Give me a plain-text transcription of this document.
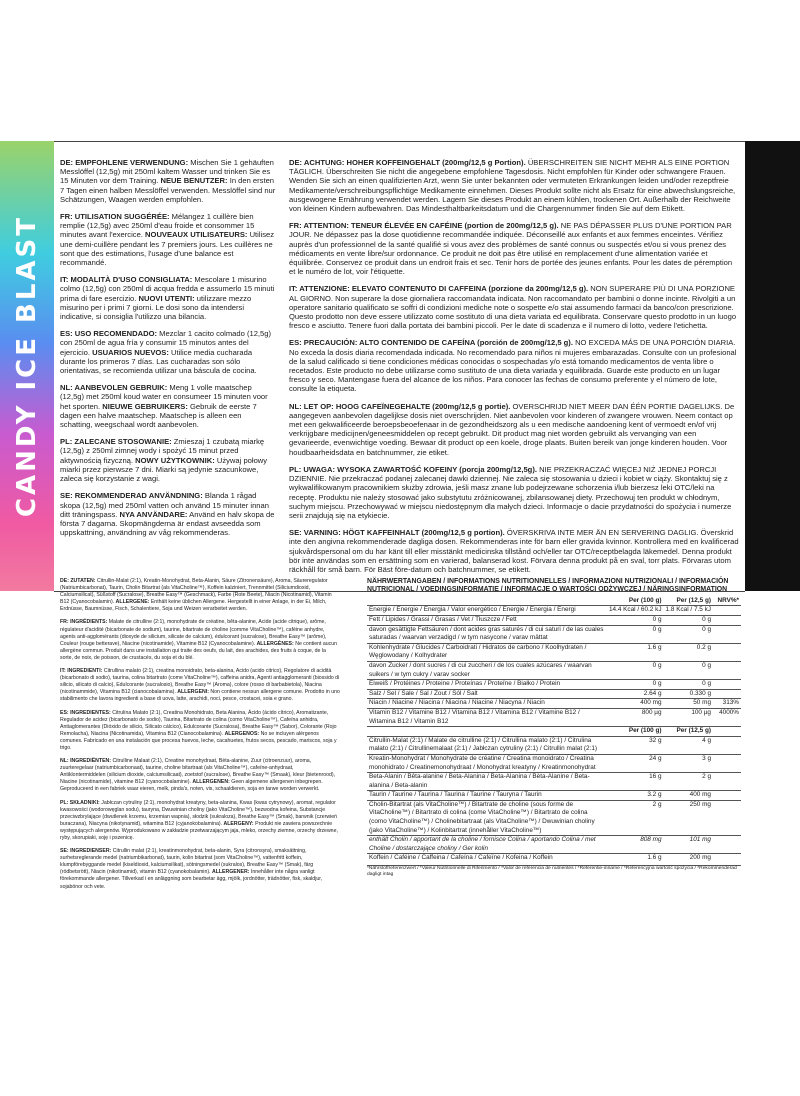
CANDY ICE BLAST

DE: EMPFOHLENE VERWENDUNG: Mischen Sie 1 gehäuften Messlöffel (12,5g) mit 250ml kaltem Wasser und trinken Sie es 15 Minuten vor dem Training. NEUE BENUTZER: In den ersten 7 Tagen einen halben Messlöffel verwenden. Messlöffel sind nur Schätzungen, Waagen werden empfohlen.

FR: UTILISATION SUGGÉRÉE: Mélangez 1 cuillère bien remplie (12,5g) avec 250ml d'eau froide et consommer 15 minutes avant l'exercice. NOUVEAUX UTILISATEURS: Utilisez une demi-cuillère pendant les 7 premiers jours. Les cuillères ne sont que des estimations, l'usage d'une balance est recommandé.

IT: MODALITÀ D'USO CONSIGLIATA: Mescolare 1 misurino colmo (12,5g) con 250ml di acqua fredda e assumerlo 15 minuti prima di fare esercizio. NUOVI UTENTI: utilizzare mezzo misurino per i primi 7 giorni. Le dosi sono da intendersi indicative, si consiglia l'utilizzo una bilancia.

ES: USO RECOMENDADO: Mezclar 1 cacito colmado (12,5g) con 250ml de agua fría y consumir 15 minutos antes del ejercicio. USUARIOS NUEVOS: Utilice media cucharada durante los primeros 7 días. Las cucharadas son sólo orientativas, se recomienda utilizar una báscula de cocina.

NL: AANBEVOLEN GEBRUIK: Meng 1 volle maatschep (12,5g) met 250ml koud water en consumeer 15 minuten voor het sporten. NIEUWE GEBRUIKERS: Gebruik de eerste 7 dagen een halve maatschep. Maatschep is alleen een schatting, weegschaal wordt aanbevolen.

PL: ZALECANE STOSOWANIE: Zmieszaj 1 czubatą miarkę (12,5g) z 250ml zimnej wody i spożyć 15 minut przed aktywnością fizyczną. NOWY UŻYTKOWNIK: Używaj połowy miarki przez pierwsze 7 dni. Miarki są jedynie szacunkowe, zaleca się korzystanie z wagi.

SE: REKOMMENDERAD ANVÄNDNING: Blanda 1 rågad skopa (12,5g) med 250ml vatten och använd 15 minuter innan ditt träningspass. NYA ANVÄNDARE: Använd en halv skopa de första 7 dagarna. Skopmängderna är endast avseedda som uppskattning, användning av våg rekommenderas.

DE: ACHTUNG: HOHER KOFFEINGEHALT (200mg/12,5 g Portion). ÜBERSCHREITEN SIE NICHT MEHR ALS EINE PORTION TÄGLICH. Überschreiten Sie nicht die angegebene empfohlene Tagesdosis. Nicht empfohlen für Kinder oder schwangere Frauen. Wenden Sie sich an einen qualifizierten Arzt, wenn Sie unter bekannten oder vermuteten Erkrankungen leiden und/oder rezeptfreie Medikamente/verschreibungspflichtige Medikamente einnehmen. Dieses Produkt sollte nicht als Ersatz für eine abwechslungsreiche, ausgewogene Ernährung verwendet werden. Lagern Sie dieses Produkt an einem kühlen, trockenen Ort. Außerhalb der Reichweite von kleinen Kindern aufbewahren. Das Mindesthaltbarkeitsdatum und die Chargennummer finden Sie auf dem Etikett.

FR: ATTENTION: TENEUR ÉLEVÉE EN CAFÉINE (portion de 200mg/12,5 g). NE PAS DÉPASSER PLUS D'UNE PORTION PAR JOUR. Ne dépassez pas la dose quotidienne recommandée indiquée. Déconseillé aux enfants et aux femmes enceintes. Vérifiez auprès d'un professionnel de la santé qualifié si vous avez des problèmes de santé connus ou suspectés et/ou si vous prenez des médicaments en vente libre/sur ordonnance. Ce produit ne doit pas être utilisé en remplacement d'une alimentation variée et équilibrée. Conservez ce produit dans un endroit frais et sec. Tenir hors de portée des jeunes enfants. Pour les dates de péremption et le numéro de lot, voir l'étiquette.

IT: ATTENZIONE: ELEVATO CONTENUTO DI CAFFEINA (porzione da 200mg/12,5 g). NON SUPERARE PIÙ DI UNA PORZIONE AL GIORNO. Non superare la dose giornaliera raccomandata indicata. Non raccomandato per bambini o donne incinte. Rivolgiti a un operatore sanitario qualificato se soffri di condizioni mediche note o sospette e/o stai assumendo farmaci da banco/con prescrizione. Questo prodotto non deve essere utilizzato come sostituto di una dieta variata ed equilibrata. Conservare questo prodotto in un luogo fresco e asciutto. Tenere fuori dalla portata dei bambini piccoli. Per le date di scadenza e il numero di lotto, vedere l'etichetta.

ES: PRECAUCIÓN: ALTO CONTENIDO DE CAFEÍNA (porción de 200mg/12,5 g). NO EXCEDA MÁS DE UNA PORCIÓN DIARIA. No exceda la dosis diaria recomendada indicada. No recomendado para niños ni mujeres embarazadas. Consulte con un profesional de la salud calificado si tiene condiciones médicas conocidas o sospechadas y/o está tomando medicamentos de venta libre o recetados. Este producto no debe utilizarse como sustituto de una dieta variada y equilibrada. Guarde este producto en un lugar fresco y seco. Mantengase fuera del alcance de los niños. Para conocer las fechas de consumo preferente y el número de lote, consulte la etiqueta.

NL: LET OP: HOOG CAFEÏNEGEHALTE (200mg/12,5 g portie). OVERSCHRIJD NIET MEER DAN ÉÉN PORTIE DAGELIJKS. De aangegeven aanbevolen dagelijkse dosis niet overschrijden. Niet aanbevolen voor kinderen of zwangere vrouwen. Neem contact op met een gekwalificeerde beroepsbeoefenaar in de gezondheidszorg als u een medische aandoening kent of vermoedt en/of vrij verkrijgbare medicijnen/geneesmiddelen op recept gebruikt. Dit product mag niet worden gebruikt als vervanging van een gevarieerde, evenwichtige voeding. Bewaar dit product op een koele, droge plaats. Buiten bereik van jonge kinderen houden. Voor houdbaarheidsdata en batchnummer, zie etiket.

PL: UWAGA: WYSOKA ZAWARTOŚĆ KOFEINY (porcja 200mg/12,5g). NIE PRZEKRACZAĆ WIĘCEJ NIŻ JEDNEJ PORCJI DZIENNIE. Nie przekraczać podanej zalecanej dawki dziennej. Nie zaleca się stosowania u dzieci i kobiet w ciąży. Skontaktuj się z wykwalifikowanym pracownikiem służby zdrowia, jeśli masz znane lub podejrzewane schorzenia i/lub bierzesz leki OTC/leki na receptę. Produktu nie należy stosować jako substytutu zróżnicowanej, zbilansowanej diety. Przechowuj ten produkt w chłodnym, suchym miejscu. Przechowywać w miejscu niedostępnym dla małych dzieci. Informacje o dacie przydatności do spożycia i numerze serii znajdują się na etykiecie.

SE: VARNING: HÖGT KAFFEINHALT (200mg/12,5 g portion). ÖVERSKRIVA INTE MER ÄN EN SERVERING DAGLIG. Överskrid inte den angivna rekommenderade dagliga dosen. Rekommenderas inte för barn eller gravida kvinnor. Kontrollera med en kvalificerad sjukvårdspersonal om du har känt till eller misstänkt medicinska tillstånd och/eller tar OTC/receptbelagda läkemedel. Denna produkt bör inte användas som en ersättning som en varierad, balanserad kost. Förvara denna produkt på en sval, torr plats. Förvaras utom räckhåll för små barn. För Bäst före-datum och batchnummer, se etikett.

DE: ZUTATEN: Citrullin-Malat (2:1), Kreatin-Monohydrat, Beta-Alanin, Säure (Zitronensäure), Aroma, Säureregulator (Natriumbicarbonat), Taurin, Cholin Bitartrat (als VitaCholine™), Koffein kalziniert, Trennmittel (Siliciumdioxid, Calciumsilicat), Süßstoff (Sucralose), Breathe Easy™ (Geschmack), Farbe (Rote Beete), Niacin (Nicotinamid), Vitamin B12 (Cyanocobalamin). ALLERGENE: Enthält keine üblichen Allergene. Hergestellt in einer Anlage, in der Ei, Milch, Erdnüsse, Baumnüsse, Fisch, Schalentiere, Soja und Weizen verarbeitet werden.

FR: INGRÉDIENTS: Malate de citrulline (2:1), monohydrate de créatine, bêta-alanine, Acide (acide citrique), arôme, régulateur d'acidité (bicarbonate de sodium), taurine, bitartrate de choline (comme VitaCholine™), caféine anhydre, agents anti-agglomérants (dioxyde de silicium, silicate de calcium), édulcorant (sucralose), Breathe Easy™ (arôme), Couleur (rouge betterave), Niacine (nicotinamide), Vitamine B12 (Cyanocobalamine). ALLERGÈNES: Ne contient aucun allergène commun. Produit dans une installation qui traite des oeufs, du lait, des arachides, des fruits à coque, de la sorte, de noix, de poisson, de crustacés, du soja et du blé.

IT: INGREDIENTI: Citrullina malato (2:1), creatina monoidrato, beta-alanina, Acido (acido citrico), Regolatore di acidità (bicarbonato di sodio), taurina, colina bitartrato (come VitaCholine™), caffeina anidra, Agenti antiagglomeranti (biossido di silicio, silicato di calcio), Edulcorante (sucralosio), Breathe Easy™ (Aroma), colore (rosso di barbabietola), Niacina (nicotinammide), Vitamina B12 (cianocobalamina). ALLERGENI: Non contiene nessun allergene comune. Prodotto in uno stabilimento che lavora ingredienti a base di uova, latte, arachidi, noci, pesce, crostacei, soia e grano.

ES: INGREDIENTES: Citrulina Malato (2:1), Creatina Monohidrato, Beta Alanina, Ácido (ácido cítrico), Aromatizante, Regulador de acidez (bicarbonato de sodio), Taurina, Bitartrato de colina (como VitaCholine™), Cafeína anhidra, Antiaglomerantes (Dióxido de silicio, Silicato cálcico), Edulcorante (Sucralosa), Breathe Easy™ (Sabor), Colorante (Rojo Remolacha), Niacina (Nicotinamida), Vitamina B12 (Cianocobalamina). ALERGENOS: No se incluyen alérgenos comunes. Fabricado en una instalación que procesa huevos, leche, cacahuetes, frutos secos, pescado, mariscos, soja y trigo.

NL: INGREDIËNTEN: Citrulline Malaat (2:1), Creatine monohydraat, Bèta-alanine, Zuur (citroenzuur), aroma, zuurteregelaar (natriumbicarbonaat), taurine, choline bitartraat (als VitaCholine™), cafeïne-anhydraat, Antiklontermiddelen (silicium dioxide, calciumsilicaat), zoetstof (sucralose), Breathe Easy™ (Smaak), kleur (bietenrood), Niacine (nicotinamide), vitamine B12 (cyanocobalamine). ALLERGENEN: Geen algemene allergenen inbegrepen. Geproduceerd in een fabriek waar eieren, melk, pinda's, noten, vis, schaaldieren, soja en tarwe worden verwerkt.

PL: SKŁADNIKI: Jabłczan cytruliny (2:1), monohydrat kreatyny, beta-alanina, Kwas (kwas cytrynowy), aromat, regulator kwasowości (wodorowęglan sodu), tauryna, Dwuwinian choliny (jako VitaCholine™), bezwodna kofeina, Substancje przeciwzbrylające (dwutlenek krzemu, krzemian wapnia), słodzik (sukraloza), Breathe Easy™ (Smak), barwnik (czerwień buraczana), Niacyna (nikotynamid), witamina B12 (cyjanokobalamina). ALERGENY: Produkt nie zawiera powszechnie występujących alergenów. Wyprodukowano w zakładzie przetwarzającym jaja, mleko, orzechy ziemne, orzechy drzewne, ryby, skorupiaki, soję i pszenicę.

SE: INGREDIENSER: Citrullin malat (2:1), kreatinmonohydrat, beta-alanin, Syra (citronsyra), smaksättning, surhetsreglerande medel (natriumbikarbonat), taurin, kolin bitartrat (som VitaCholine™), vattenfritt koffein, klumpförebyggande medel (kiseldioxid, kalciumsilikat), sötningsmedel (sukralos), Breathe Easy™ (Smak), färg (rödbetsrött), Niacin (nikotinamid), vitamin B12 (cyanokobalamin). ALLERGENER: Innehåller inte några vanligt förekommande allergener. Tillverkad i en anläggning som bearbetar ägg, mjölk, jordnötter, trädnötter, fisk, skaldjur, sojabönor och vete.

NÄHRWERTANGABEN / INFORMATIONS NUTRITIONNELLES / INFORMAZIONI NUTRIZIONALI / INFORMACIÓN NUTRICIONAL / VOEDINGSINFORMATIE / INFORMACJE O WARTOŚCI ODŻYWCZEJ / NÄRINGSINFORMATION
	Per (100 g)	Per (12,5 g)	NRV%*
Energie / Energie / Energia / Valor energético / Energie / Energia / Energi	14.4 Kcal / 60.2 kJ	1.8 Kcal / 7.5 kJ	
Fett / Lipides / Grassi / Grasas / Vet / Tłuszcze / Fett	0 g	0 g	
davon gesättigte Fettsäuren / dont acides gras saturés / di cui saturi / de las cuales saturadas / waarvan verzadigd / w tym nasycone / varav mättat	0 g	0 g	
Kohlenhydrate / Glucides / Carboidrati / Hidratos de carbono / Koolhydraten / Węglowodany / Kolhydrater	1.6 g	0.2 g	
davon Zucker / dont sucres / di cui zuccheri / de los cuales azúcares / waarvan suikers / w tym cukry / varav socker	0 g	0 g	
Eiweiß / Protéines / Proteine / Proteínas / Proteïne / Białko / Protein	0 g	0 g	
Salz / Sel / Sale / Sal / Zout / Sól / Salt	2.64 g	0.330 g	
Niacin / Niacine / Niacina / Niacina / Niacine / Niacyna / Niacin	400 mg	50 mg	313%
Vitamin B12 / Vitamine B12 / Vitamina B12 / Vitamina B12 / Vitamine B12 / Witamina B12 / Vitamin B12	800 µg	100 µg	4000%
	Per (100 g)	Per (12,5 g)	
Citrullin-Malat (2:1) / Malate de citrulline (2:1) / Citrullina malato (2:1) / Citrulina malato (2:1) / Citrullinemalaat (2:1) / Jabłczan cytruliny (2:1) / Citrullin malat (2:1)	32 g	4 g	
Kreatin-Monohydrat / Monohydrate de créatine / Creatina monoidrato / Creatina monohidrato / Creatinemonohydraat / Monohydrat kreatyny / Kreatinmonohydrat	24 g	3 g	
Beta-Alanin / Bêta-alanine / Beta-Alanina / Beta-Alanina / Bèta-Alanine / Beta-alanina / Beta-alanin	16 g	2 g	
Taurin / Taurine / Taurina / Taurina / Taurine / Tauryna / Taurin	3.2 g	400 mg	
Cholin-Bitartrat (als VitaCholine™) / Bitartrate de choline (sous forme de VitaCholine™) / Bitartrato di colina (come VitaCholine™) / Bitartrato de colina (como VitaCholine™) / Cholinebitartraat (als VitaCholine™) / Dwuwinian choliny (jako VitaCholine™) / Kolinbitartrat (innehåller VitaCholine™)	2 g	250 mg	
enthält Cholin / apportant de la choline / fornisce Colina / aportando Colina / met Choline / dostarczające choliny / Ger kolin	808 mg	101 mg	
Koffein / Caféine / Caffeina / Cafeína / Cafeïne / Kofeina / Koffein	1.6 g	200 mg	
*Nährstoffreferenzwert / *Valeur Nutritionnelle di Riferimento / *Valor de referencia de nutrientes / *Referentie-inname / *Referencyjna wartość spożycia / *Rekommenderad dagligt intag
